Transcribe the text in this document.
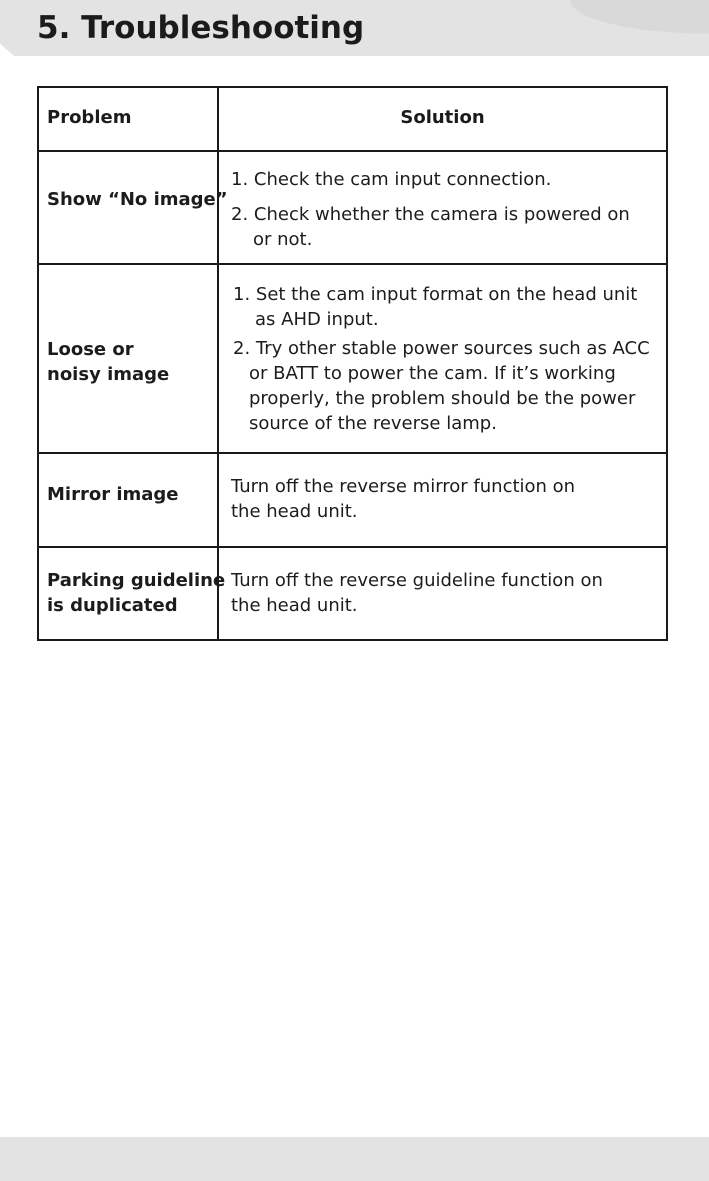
5. Troubleshooting
Problem	Solution
Show “No image”
1. Check the cam input connection.
2. Check whether the camera is powered on
or not.
Loose or
noisy image
1. Set the cam input format on the head unit
as AHD input.
2. Try other stable power sources such as ACC
or BATT to power the cam. If it’s working
properly, the problem should be the power
source of the reverse lamp.
Mirror image	Turn off the reverse mirror function on
the head unit.
Parking guideline
is duplicated
Turn off the reverse guideline function on
the head unit.
